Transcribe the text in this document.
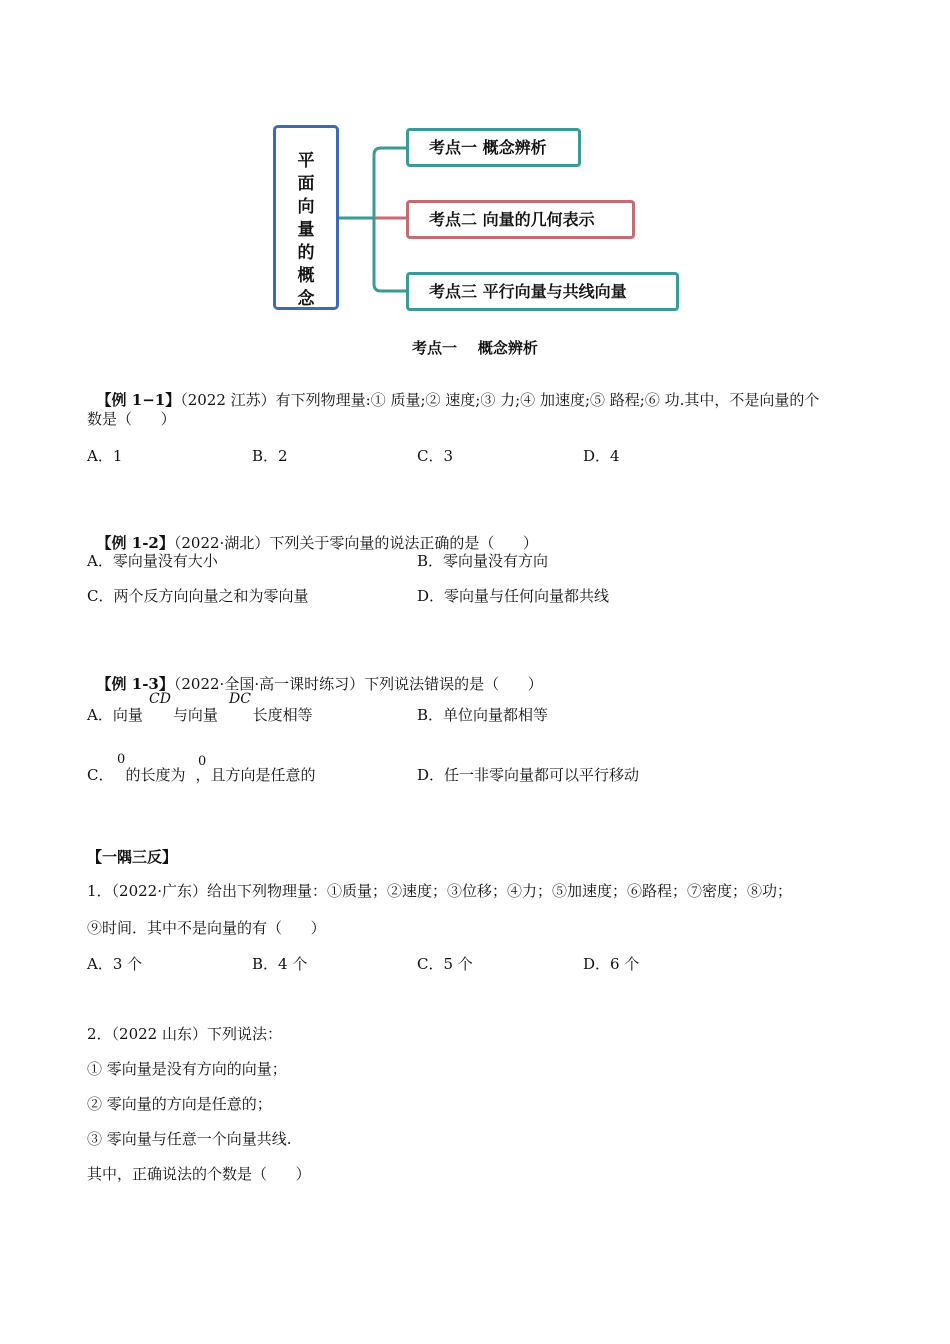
平
面
向
量
的
概
念
考点一 概念辨析
考点二 向量的几何表示
考点三 平行向量与共线向量
考点一    概念辨析

【例 1−1】（2022 江苏）有下列物理量:① 质量;② 速度;③ 力;④ 加速度;⑤ 路程;⑥ 功.其中，不是向量的个

数是（      ）
A．1	B．2	C．3	D．4

【例 1-2】（2022·湖北）下列关于零向量的说法正确的是（      ）

A．零向量没有大小	B．零向量没有方向
C．两个反方向向量之和为零向量	D．零向量与任何向量都共线

【例 1-3】（2022·全国·高一课时练习）下列说法错误的是（      ）

A．向量 与向量 长度相等
CD	DC
B．单位向量都相等
C． 的长度为 ，且方向是任意的
0	0
D．任一非零向量都可以平行移动
【一隅三反】
1．（2022·广东）给出下列物理量：①质量；②速度；③位移；④力；⑤加速度；⑥路程；⑦密度；⑧功；
⑨时间．其中不是向量的有（      ）
A．3 个	B．4 个	C．5 个	D．6 个
2．（2022 山东）下列说法：
① 零向量是没有方向的向量；
② 零向量的方向是任意的；
③ 零向量与任意一个向量共线.
其中，正确说法的个数是（      ）
